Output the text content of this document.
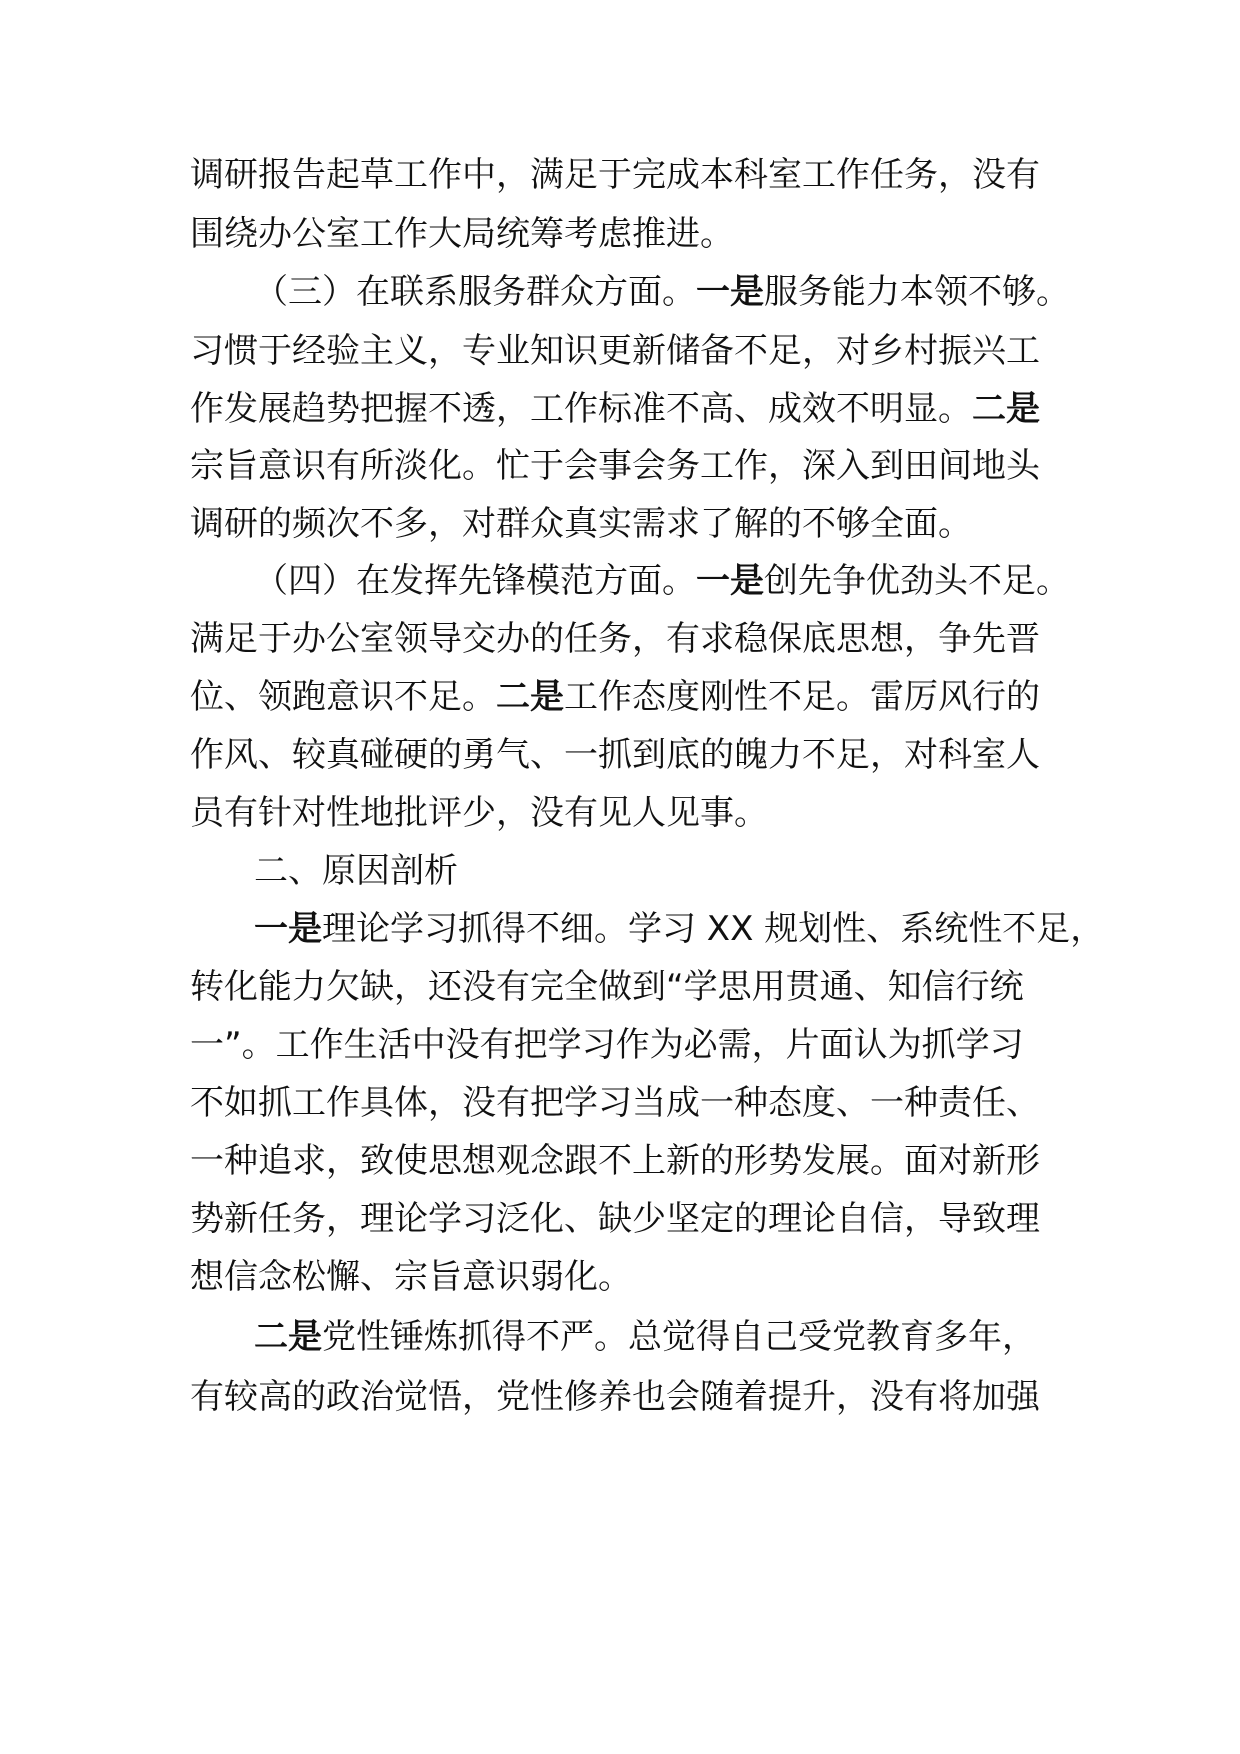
调研报告起草工作中，满足于完成本科室工作任务，没有
围绕办公室工作大局统筹考虑推进。
（三）在联系服务群众方面。一是服务能力本领不够。
习惯于经验主义，专业知识更新储备不足，对乡村振兴工
作发展趋势把握不透，工作标准不高、成效不明显。二是
宗旨意识有所淡化。忙于会事会务工作，深入到田间地头
调研的频次不多，对群众真实需求了解的不够全面。
（四）在发挥先锋模范方面。一是创先争优劲头不足。
满足于办公室领导交办的任务，有求稳保底思想，争先晋
位、领跑意识不足。二是工作态度刚性不足。雷厉风行的
作风、较真碰硬的勇气、一抓到底的魄力不足，对科室人
员有针对性地批评少，没有见人见事。
二、原因剖析
一是理论学习抓得不细。学习 XX 规划性、系统性不足，
转化能力欠缺，还没有完全做到“学思用贯通、知信行统
一”。工作生活中没有把学习作为必需，片面认为抓学习
不如抓工作具体，没有把学习当成一种态度、一种责任、
一种追求，致使思想观念跟不上新的形势发展。面对新形
势新任务，理论学习泛化、缺少坚定的理论自信，导致理
想信念松懈、宗旨意识弱化。
二是党性锤炼抓得不严。总觉得自己受党教育多年，
有较高的政治觉悟，党性修养也会随着提升，没有将加强
